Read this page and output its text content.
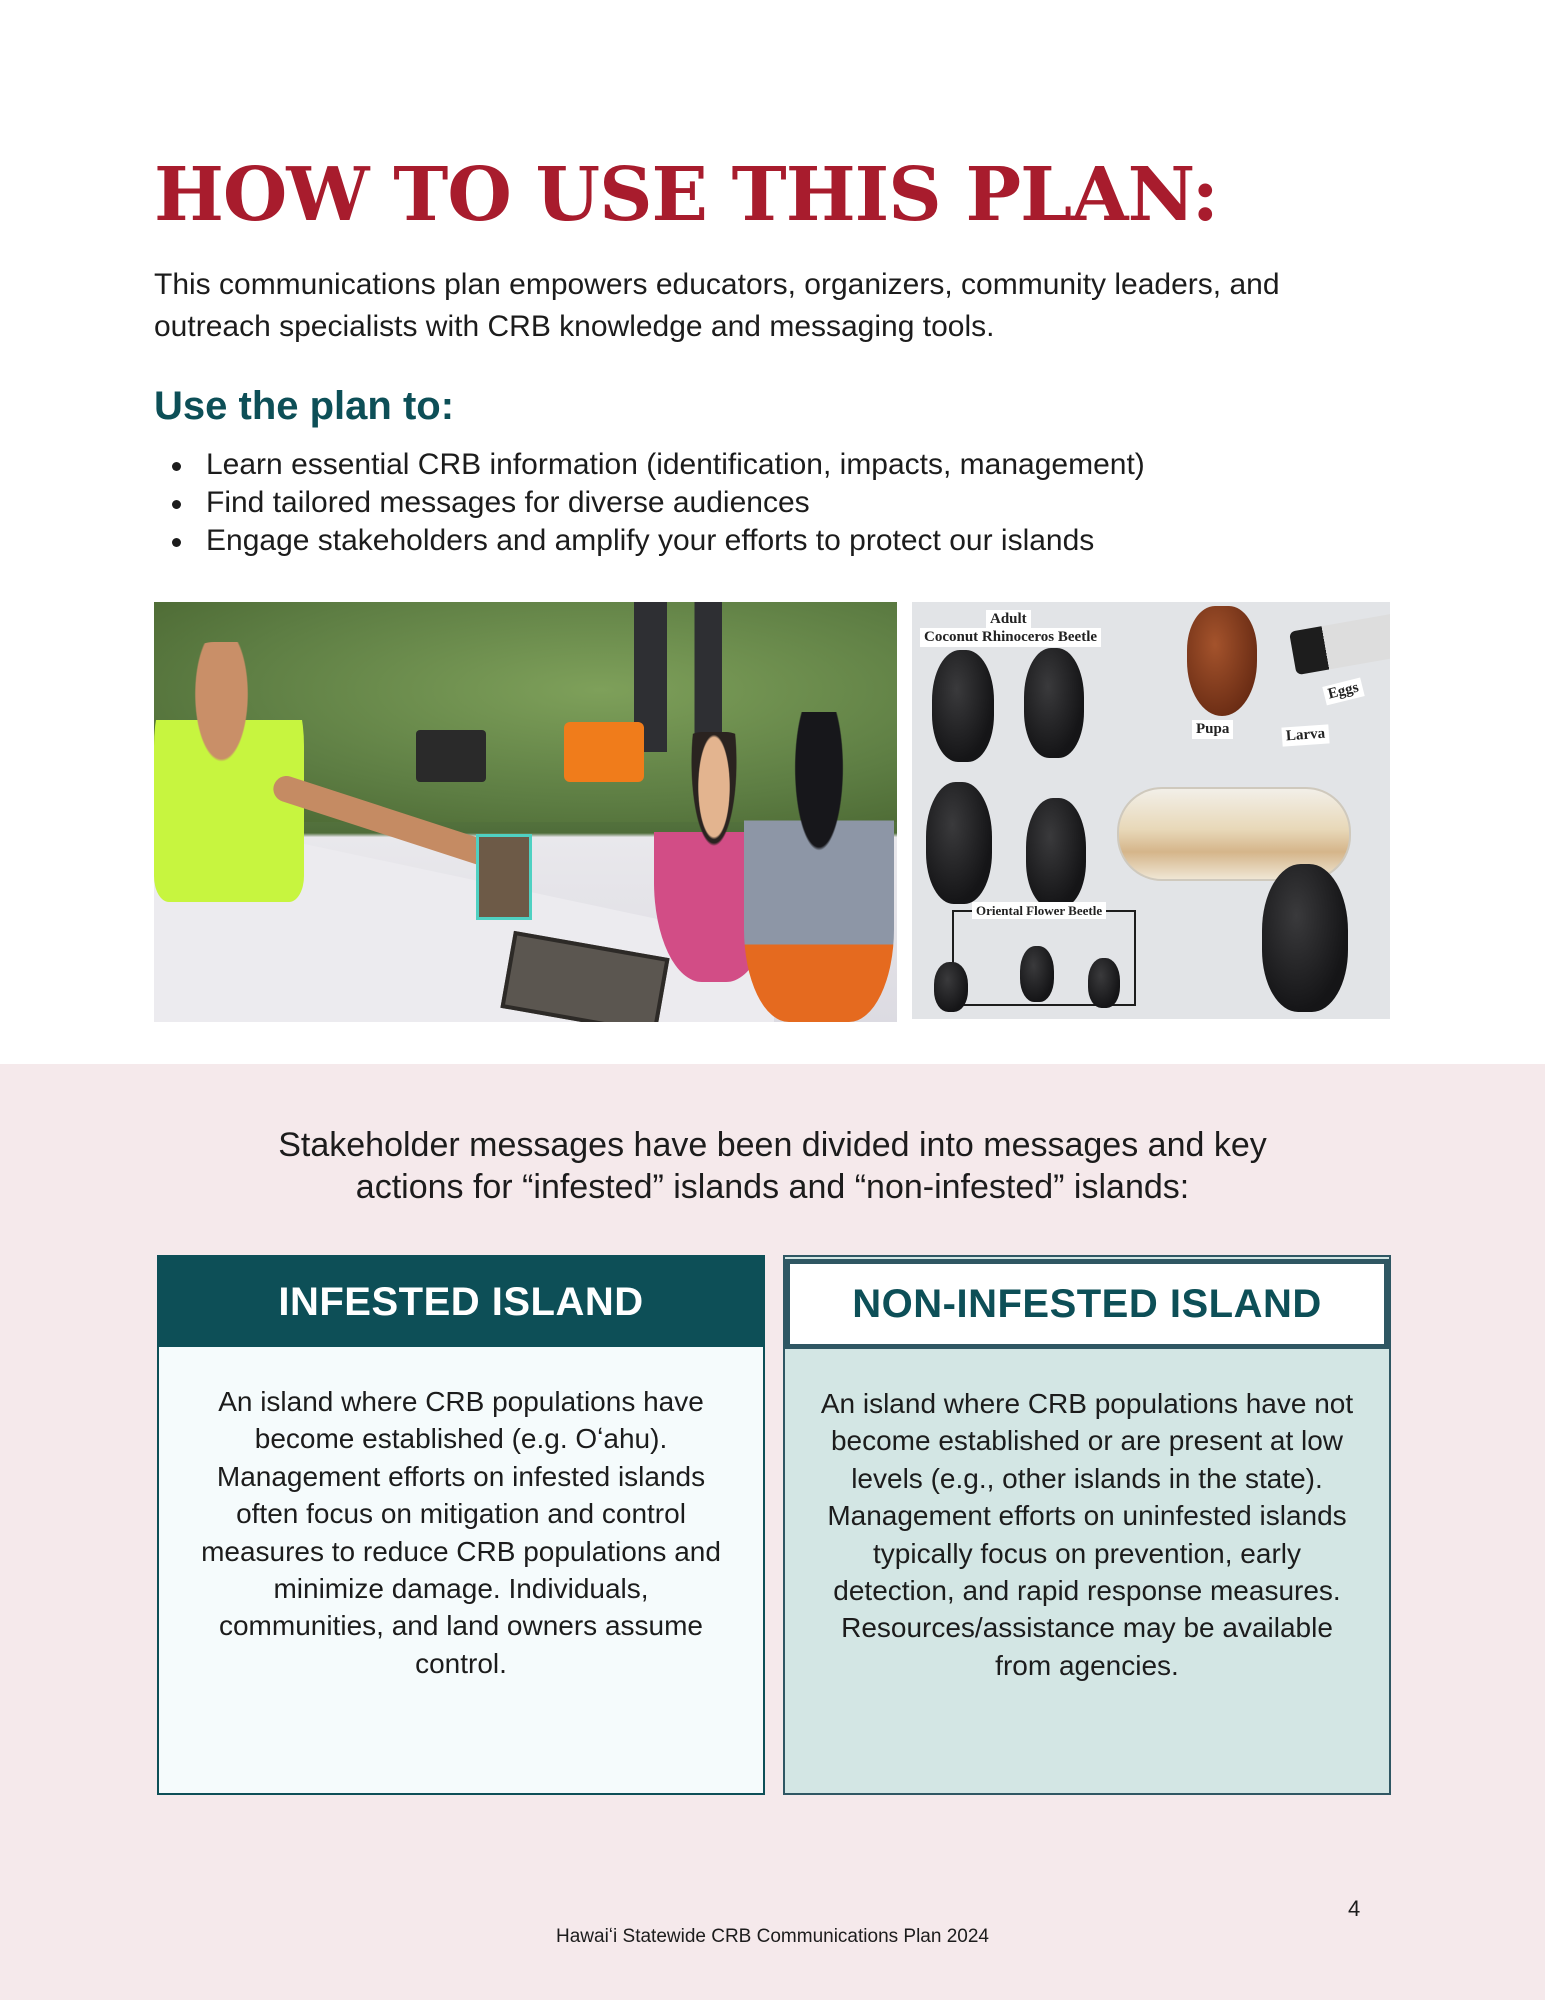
HOW TO USE THIS PLAN:

This communications plan empowers educators, organizers, community leaders, and outreach specialists with CRB knowledge and messaging tools.

Use the plan to:
Learn essential CRB information (identification, impacts, management)
Find tailored messages for diverse audiences
Engage stakeholders and amplify your efforts to protect our islands
Adult
Coconut Rhinoceros Beetle
Eggs
Pupa	Larva
Oriental Flower Beetle

Stakeholder messages have been divided into messages and key actions for “infested” islands and “non-infested” islands:

INFESTED ISLAND

An island where CRB populations have become established (e.g. Oʻahu). Management efforts on infested islands often focus on mitigation and control measures to reduce CRB populations and minimize damage. Individuals, communities, and land owners assume control.

NON-INFESTED ISLAND

An island where CRB populations have not become established or are present at low levels (e.g., other islands in the state). Management efforts on uninfested islands typically focus on prevention, early detection, and rapid response measures. Resources/assistance may be available from agencies.

4
Hawaiʻi Statewide CRB Communications Plan 2024
